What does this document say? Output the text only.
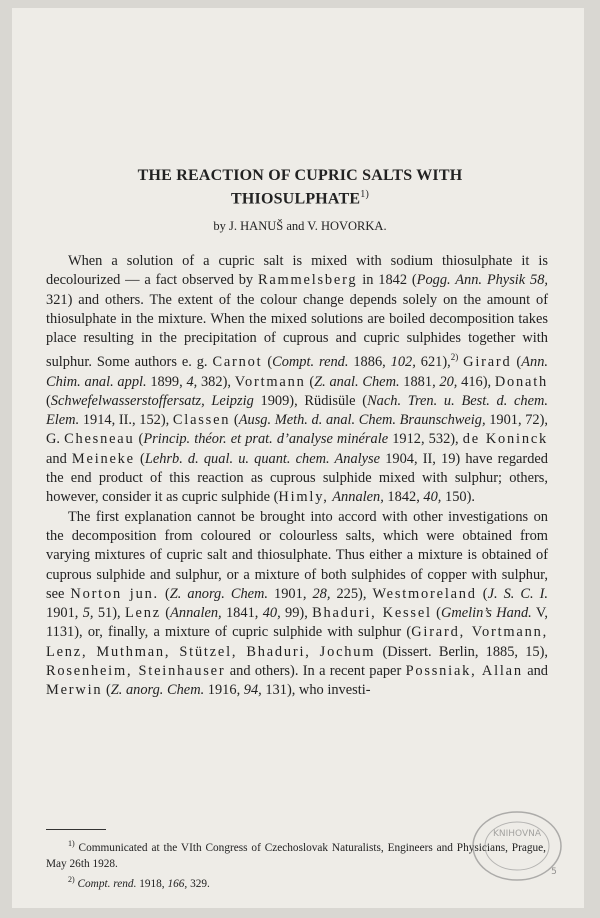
THE REACTION OF CUPRIC SALTS WITH
THIOSULPHATE$^{1)}$
by J. HANUŠ and V. HOVORKA.

When a solution of a cupric salt is mixed with sodium thiosulphate it is decolourized — a fact observed by Rammelsberg in 1842 (Pogg. Ann. Physik 58, 321) and others. The extent of the colour change depends solely on the amount of thiosulphate in the mixture. When the mixed solutions are boiled decomposition takes place resulting in the precipitation of cuprous and cupric sulphides together with sulphur. Some authors e. g. Carnot (Compt. rend. 1886, 102, 621),$^{2)}$ Girard (Ann. Chim. anal. appl. 1899, 4, 382), Vortmann (Z. anal. Chem. 1881, 20, 416), Donath (Schwefelwasserstoffersatz, Leipzig 1909), Rüdisüle (Nach. Tren. u. Best. d. chem. Elem. 1914, II., 152), Classen (Ausg. Meth. d. anal. Chem. Braunschweig, 1901, 72), G. Chesneau (Princip. théor. et prat. d’analyse minérale 1912, 532), de Koninck and Meineke (Lehrb. d. qual. u. quant. chem. Analyse 1904, II, 19) have regarded the end product of this reaction as cuprous sulphide mixed with sulphur; others, however, consider it as cupric sulphide (Himly, Annalen, 1842, 40, 150).

The first explanation cannot be brought into accord with other investigations on the decomposition from coloured or colourless salts, which were obtained from varying mixtures of cupric salt and thiosulphate. Thus either a mixture is obtained of cuprous sulphide and sulphur, or a mixture of both sulphides of copper with sulphur, see Norton jun. (Z. anorg. Chem. 1901, 28, 225), Westmoreland (J. S. C. I. 1901, 5, 51), Lenz (Annalen, 1841, 40, 99), Bhaduri, Kessel (Gmelin’s Hand. V, 1131), or, finally, a mixture of cupric sulphide with sulphur (Girard, Vortmann, Lenz, Muthman, Stützel, Bhaduri, Jochum (Dissert. Berlin, 1885, 15), Rosenheim, Steinhauser and others). In a recent paper Possniak, Allan and Merwin (Z. anorg. Chem. 1916, 94, 131), who investi-

$^{1)}$ Communicated at the VIth Congress of Czechoslovak Naturalists, Engineers and Physicians, Prague, May 26th 1928.

$^{2)}$ Compt. rend. 1918, 166, 329.

KNIHOVNA
5
